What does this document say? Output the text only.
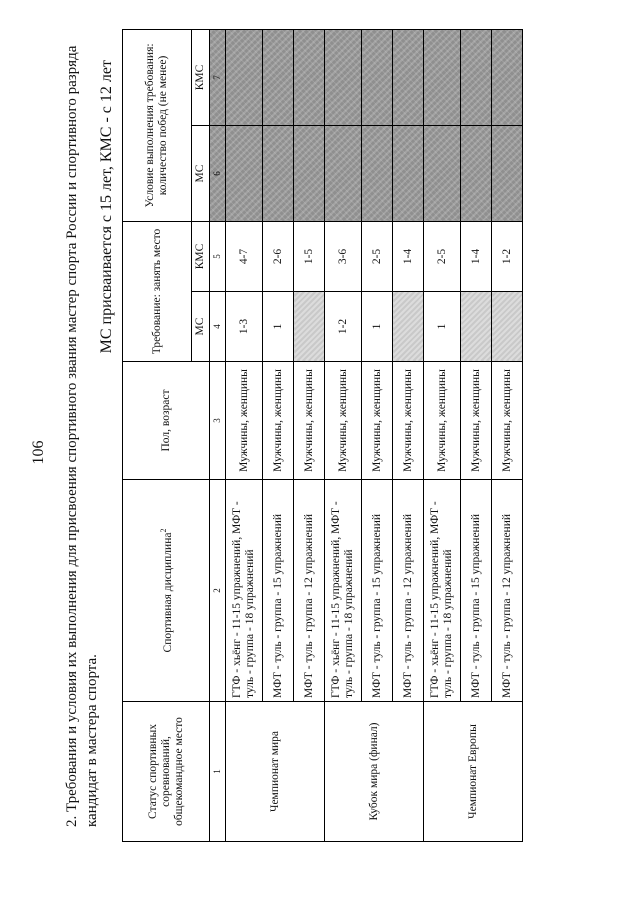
106 2. Требования и условия их выполнения для присвоения спортивного звания мастер спорта России и спортивного разряда кандидат в мастера спорта.
МС присваивается с 15 лет, КМС - с 12 лет
Статус спортивных соревнований, общекомандное место	Спортивная дисциплина$^2$	Пол, возраст	Требование: занять место		Условие выполнения требования: количество побед (не менее)	
			МС	КМС	МС	КМС
1	2	3	4	5	6	7
Чемпионат мира	ГТФ - хьёнг - 11-15 упражнений, МФТ - туль - группа - 18 упражнений	Мужчины, женщины	1-3	4-7		
	МФТ - туль - группа - 15 упражнений	Мужчины, женщины	1	2-6		
	МФТ - туль - группа - 12 упражнений	Мужчины, женщины		1-5		
Кубок мира (финал)	ГТФ - хьёнг - 11-15 упражнений, МФТ - туль - группа - 18 упражнений	Мужчины, женщины	1-2	3-6		
	МФТ - туль - группа - 15 упражнений	Мужчины, женщины	1	2-5		
	МФТ - туль - группа - 12 упражнений	Мужчины, женщины		1-4		
Чемпионат Европы	ГТФ - хьёнг - 11-15 упражнений, МФТ - туль - группа - 18 упражнений	Мужчины, женщины	1	2-5		
	МФТ - туль - группа - 15 упражнений	Мужчины, женщины		1-4		
	МФТ - туль - группа - 12 упражнений	Мужчины, женщины		1-2		
